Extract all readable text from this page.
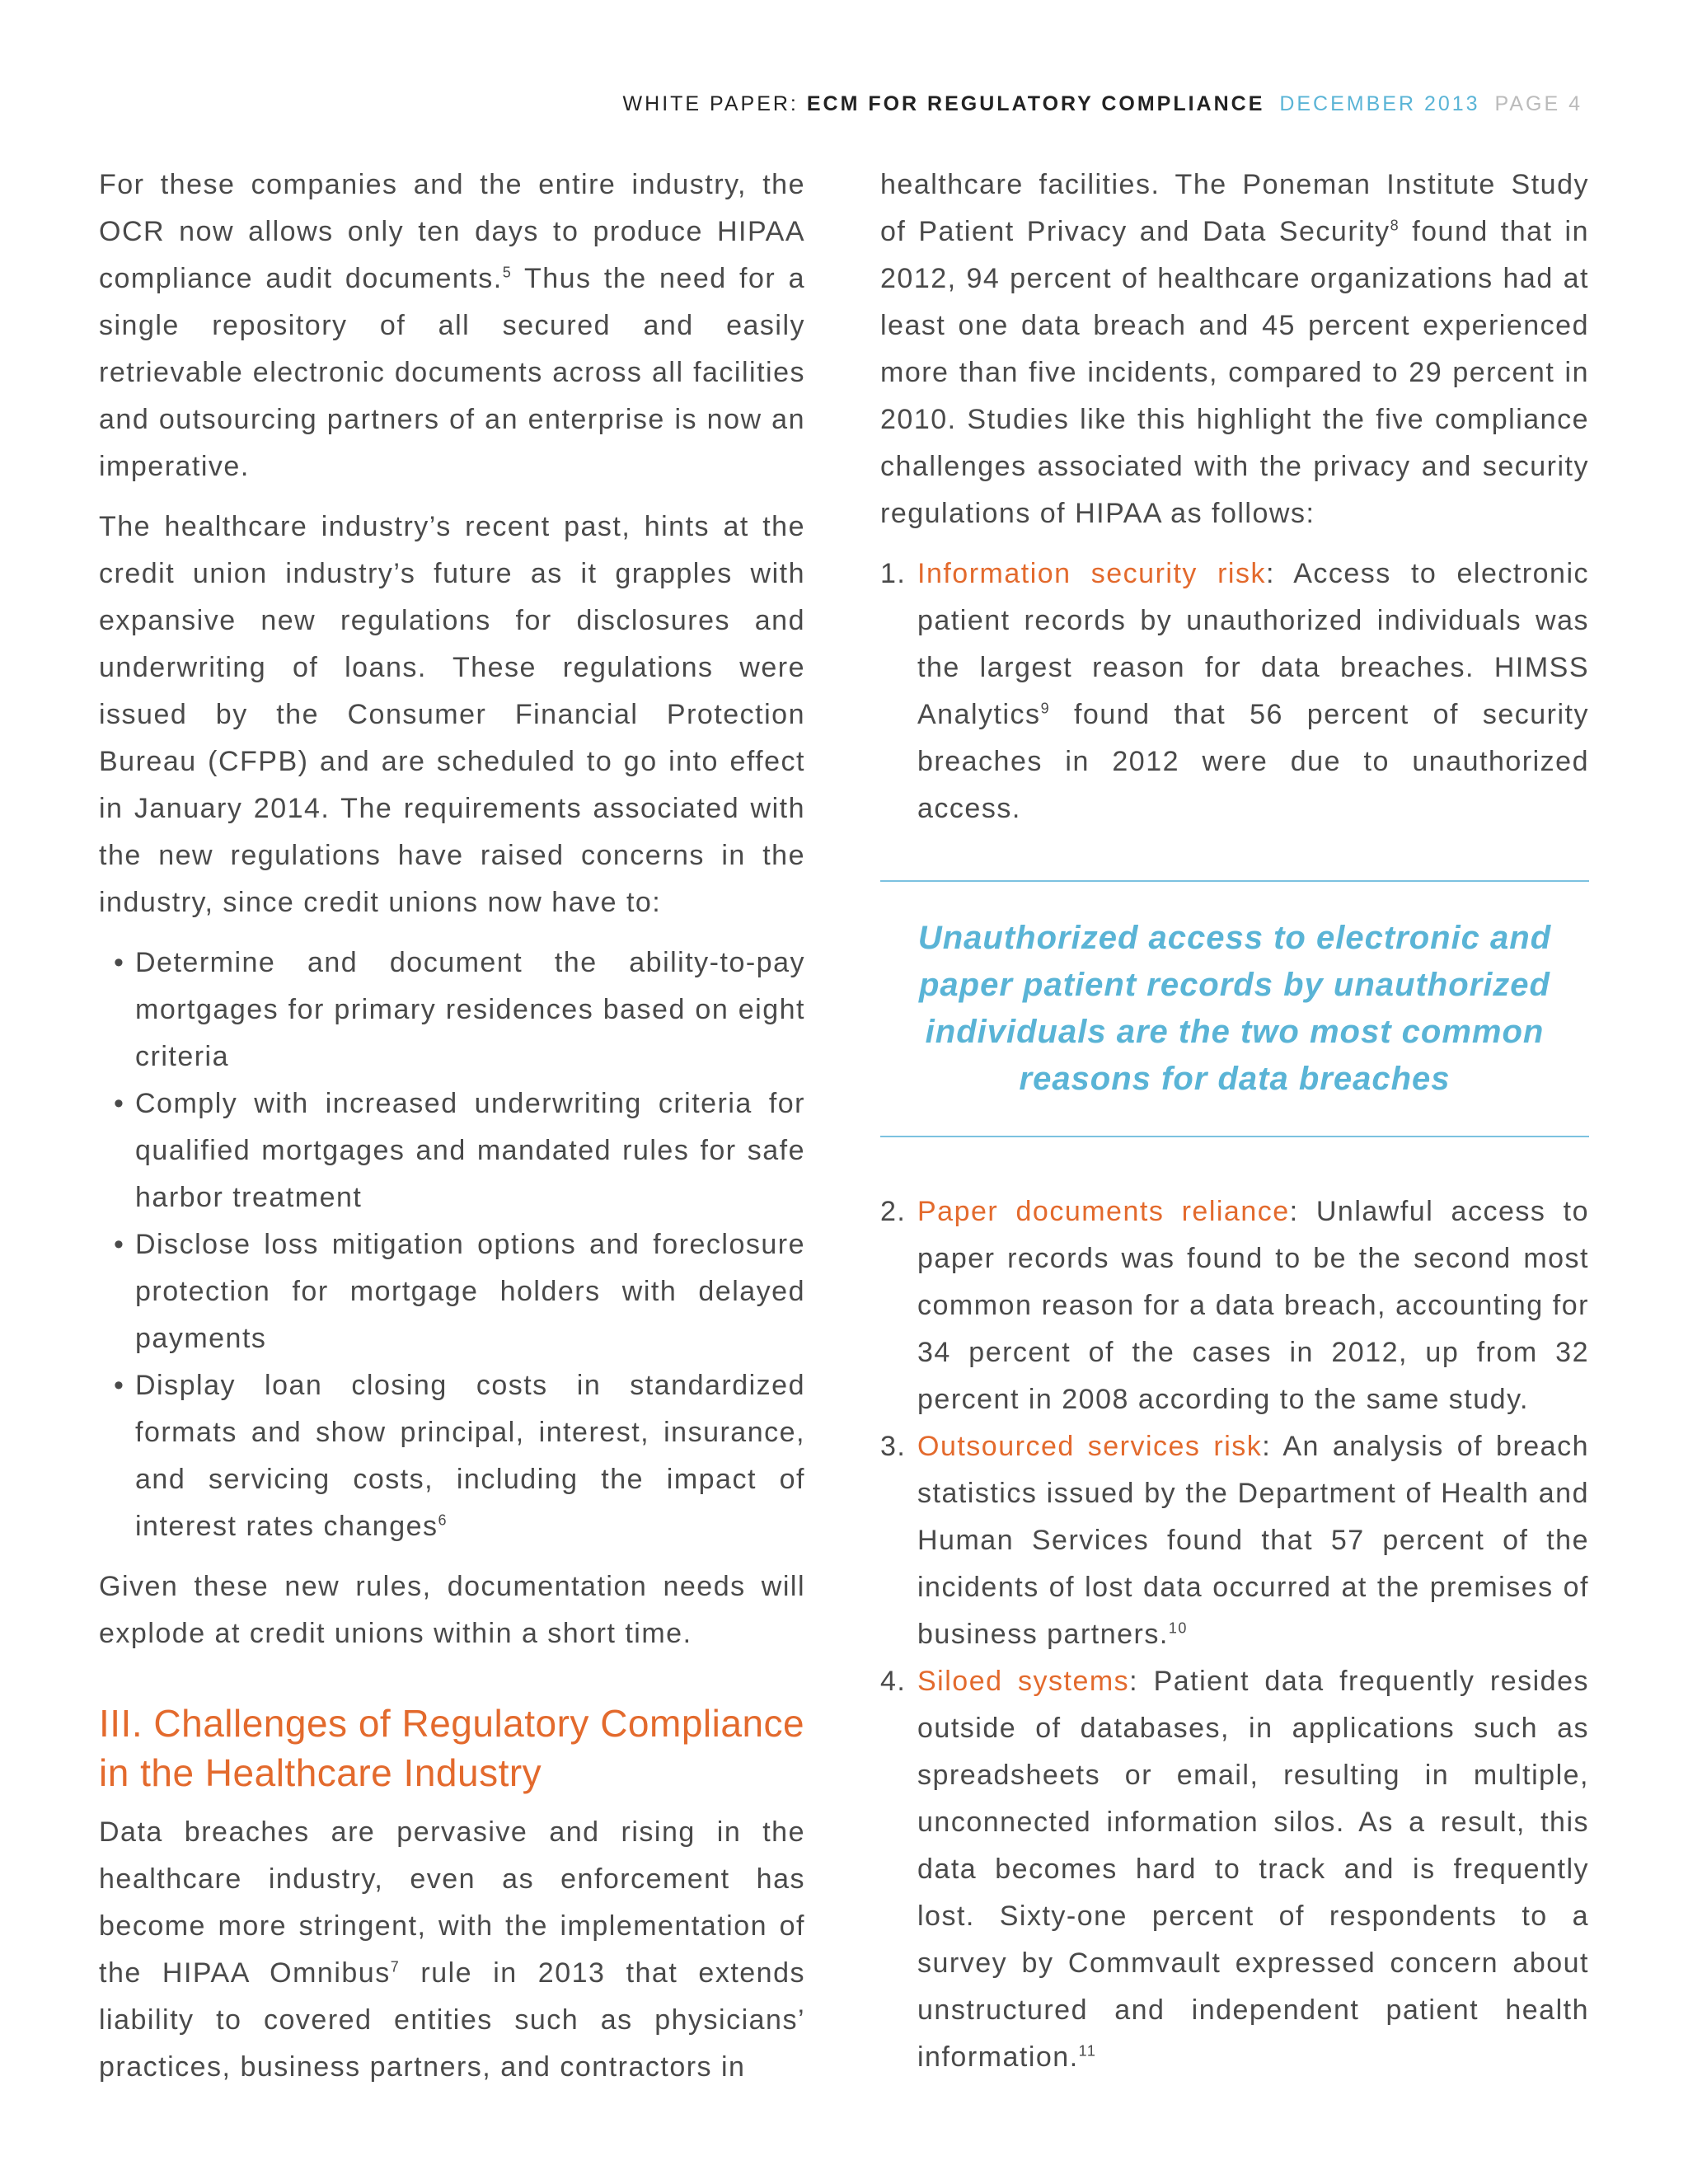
WHITE PAPER: ECM FOR REGULATORY COMPLIANCE DECEMBER 2013 PAGE 4

For these companies and the entire industry, the OCR now allows only ten days to produce HIPAA compliance audit documents.$^5$ Thus the need for a single repository of all secured and easily retrievable electronic documents across all facilities and outsourcing partners of an enterprise is now an imperative.

The healthcare industry’s recent past, hints at the credit union industry’s future as it grapples with expansive new regulations for disclosures and underwriting of loans. These regulations were issued by the Consumer Financial Protection Bureau (CFPB) and are scheduled to go into effect in January 2014. The requirements associated with the new regulations have raised concerns in the industry, since credit unions now have to:

• Determine and document the ability-to-pay mortgages for primary residences based on eight criteria
• Comply with increased underwriting criteria for qualified mortgages and mandated rules for safe harbor treatment
• Disclose loss mitigation options and foreclosure protection for mortgage holders with delayed payments
• Display loan closing costs in standardized formats and show principal, interest, insurance, and servicing costs, including the impact of interest rates changes$^6$

Given these new rules, documentation needs will explode at credit unions within a short time.

III. Challenges of Regulatory Compliance in the Healthcare Industry

Data breaches are pervasive and rising in the healthcare industry, even as enforcement has become more stringent, with the implementation of the HIPAA Omnibus$^7$ rule in 2013 that extends liability to covered entities such as physicians’ practices, business partners, and contractors in

healthcare facilities. The Poneman Institute Study of Patient Privacy and Data Security$^8$ found that in 2012, 94 percent of healthcare organizations had at least one data breach and 45 percent experienced more than five incidents, compared to 29 percent in 2010. Studies like this highlight the five compliance challenges associated with the privacy and security regulations of HIPAA as follows:

1. Information security risk: Access to electronic patient records by unauthorized individuals was the largest reason for data breaches. HIMSS Analytics$^9$ found that 56 percent of security breaches in 2012 were due to unauthorized access.
Unauthorized access to electronic and paper patient records by unauthorized individuals are the two most common reasons for data breaches
2. Paper documents reliance: Unlawful access to paper records was found to be the second most common reason for a data breach, accounting for 34 percent of the cases in 2012, up from 32 percent in 2008 according to the same study.
3. Outsourced services risk: An analysis of breach statistics issued by the Department of Health and Human Services found that 57 percent of the incidents of lost data occurred at the premises of business partners.$^{10}$
4. Siloed systems: Patient data frequently resides outside of databases, in applications such as spreadsheets or email, resulting in multiple, unconnected information silos. As a result, this data becomes hard to track and is frequently lost. Sixty-one percent of respondents to a survey by Commvault expressed concern about unstructured and independent patient health information.$^{11}$
